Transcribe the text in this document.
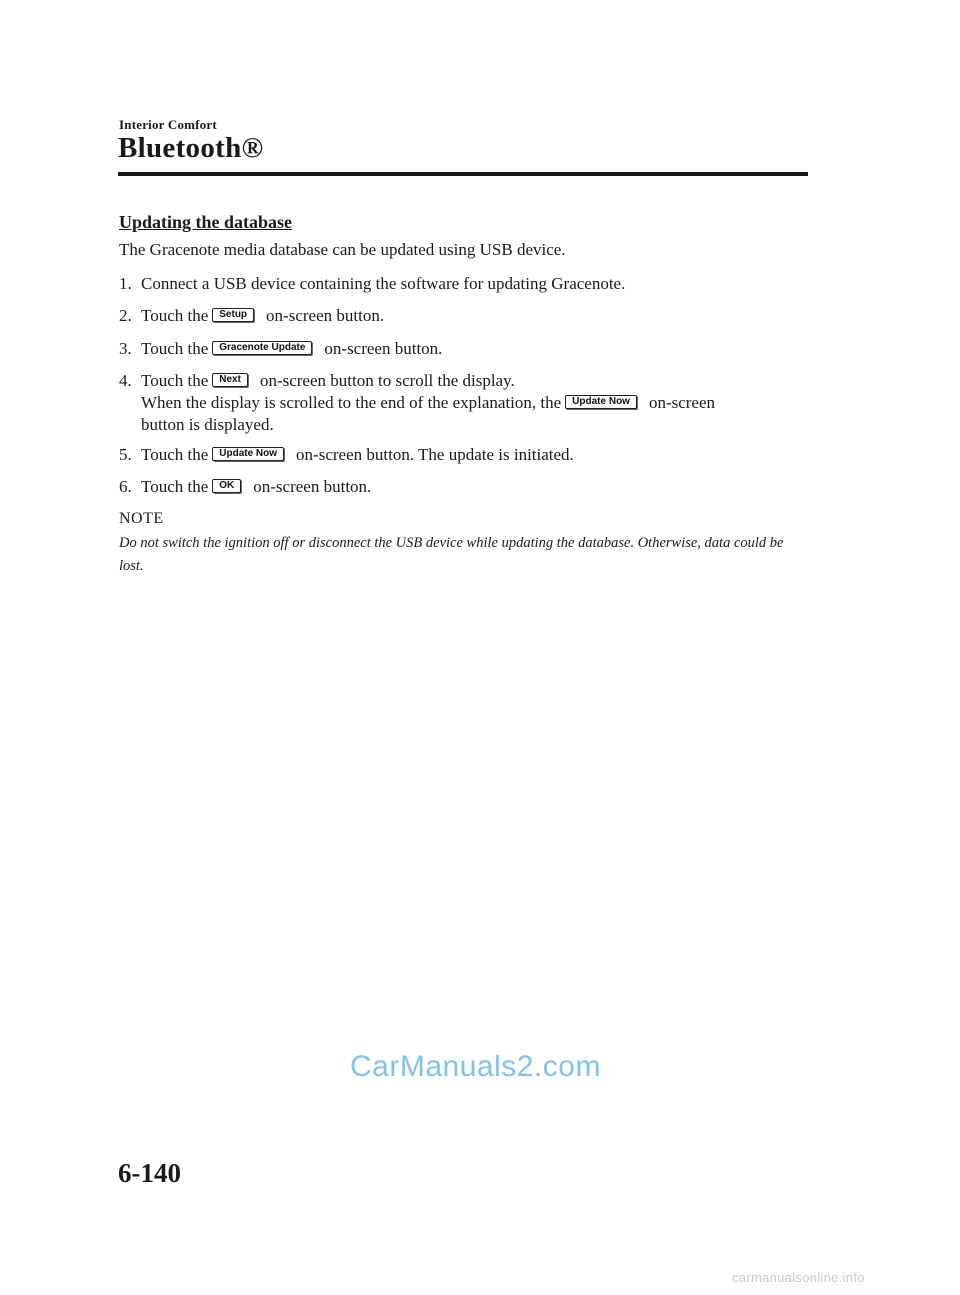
Interior Comfort
Bluetooth®
Updating the database
The Gracenote media database can be updated using USB device.
1. Connect a USB device containing the software for updating Gracenote.
2. Touch the Setup on-screen button.
3. Touch the Gracenote Update on-screen button.
4. Touch the Next on-screen button to scroll the display.
When the display is scrolled to the end of the explanation, the Update Now on-screen
button is displayed.
5. Touch the Update Now on-screen button. The update is initiated.
6. Touch the OK on-screen button.
NOTE
Do not switch the ignition off or disconnect the USB device while updating the database. Otherwise, data could be lost.
CarManuals2.com
6-140
carmanualsonline.info
